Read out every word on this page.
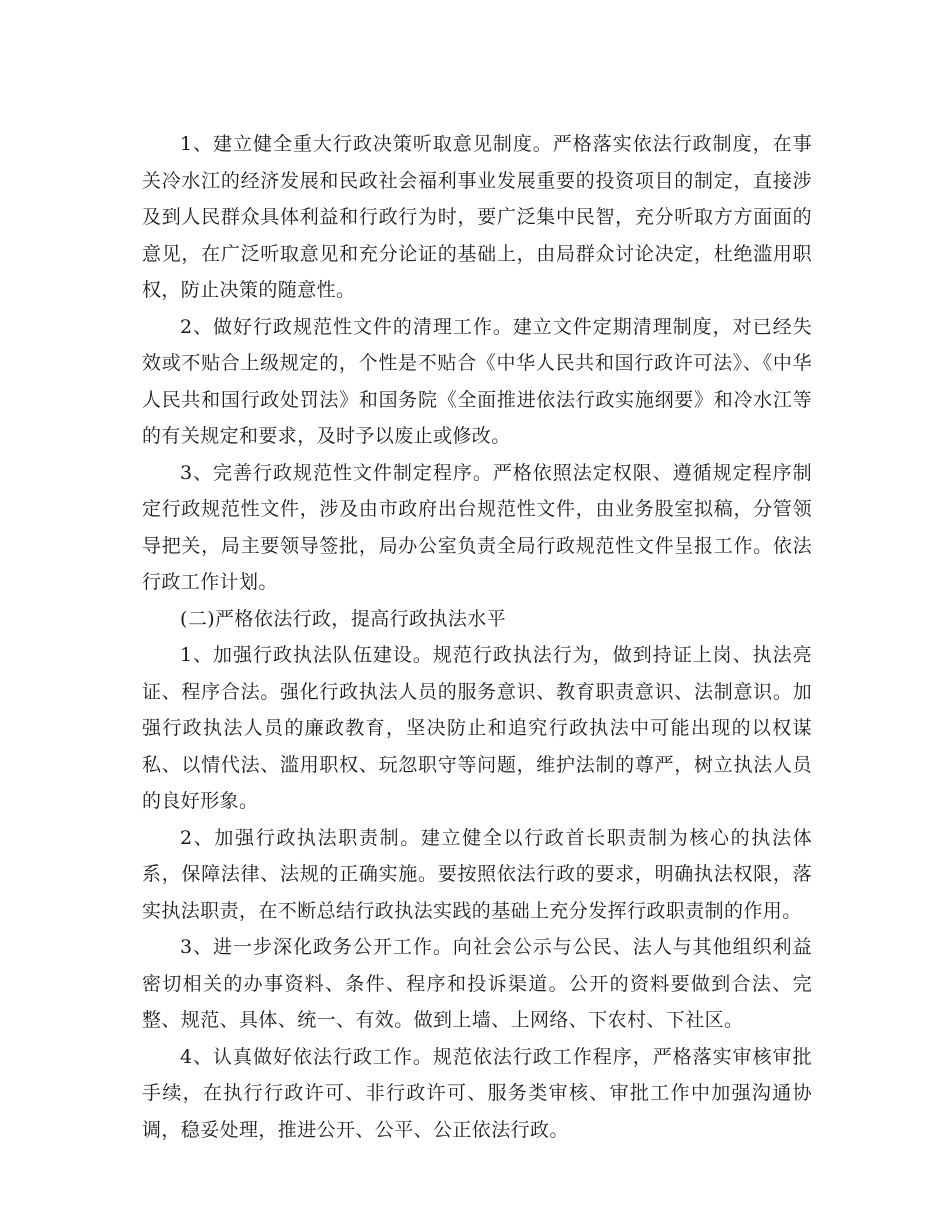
1、建立健全重大行政决策听取意见制度。严格落实依法行政制度，在事关冷水江的经济发展和民政社会福利事业发展重要的投资项目的制定，直接涉及到人民群众具体利益和行政行为时，要广泛集中民智，充分听取方方面面的意见，在广泛听取意见和充分论证的基础上，由局群众讨论决定，杜绝滥用职权，防止决策的随意性。

2、做好行政规范性文件的清理工作。建立文件定期清理制度，对已经失效或不贴合上级规定的，个性是不贴合《中华人民共和国行政许可法》、《中华人民共和国行政处罚法》和国务院《全面推进依法行政实施纲要》和冷水江等的有关规定和要求，及时予以废止或修改。

3、完善行政规范性文件制定程序。严格依照法定权限、遵循规定程序制定行政规范性文件，涉及由市政府出台规范性文件，由业务股室拟稿，分管领导把关，局主要领导签批，局办公室负责全局行政规范性文件呈报工作。依法行政工作计划。

(二)严格依法行政，提高行政执法水平

1、加强行政执法队伍建设。规范行政执法行为，做到持证上岗、执法亮证、程序合法。强化行政执法人员的服务意识、教育职责意识、法制意识。加强行政执法人员的廉政教育，坚决防止和追究行政执法中可能出现的以权谋私、以情代法、滥用职权、玩忽职守等问题，维护法制的尊严，树立执法人员的良好形象。

2、加强行政执法职责制。建立健全以行政首长职责制为核心的执法体系，保障法律、法规的正确实施。要按照依法行政的要求，明确执法权限，落实执法职责，在不断总结行政执法实践的基础上充分发挥行政职责制的作用。

3、进一步深化政务公开工作。向社会公示与公民、法人与其他组织利益密切相关的办事资料、条件、程序和投诉渠道。公开的资料要做到合法、完整、规范、具体、统一、有效。做到上墙、上网络、下农村、下社区。

4、认真做好依法行政工作。规范依法行政工作程序，严格落实审核审批手续，在执行行政许可、非行政许可、服务类审核、审批工作中加强沟通协调，稳妥处理，推进公开、公平、公正依法行政。
